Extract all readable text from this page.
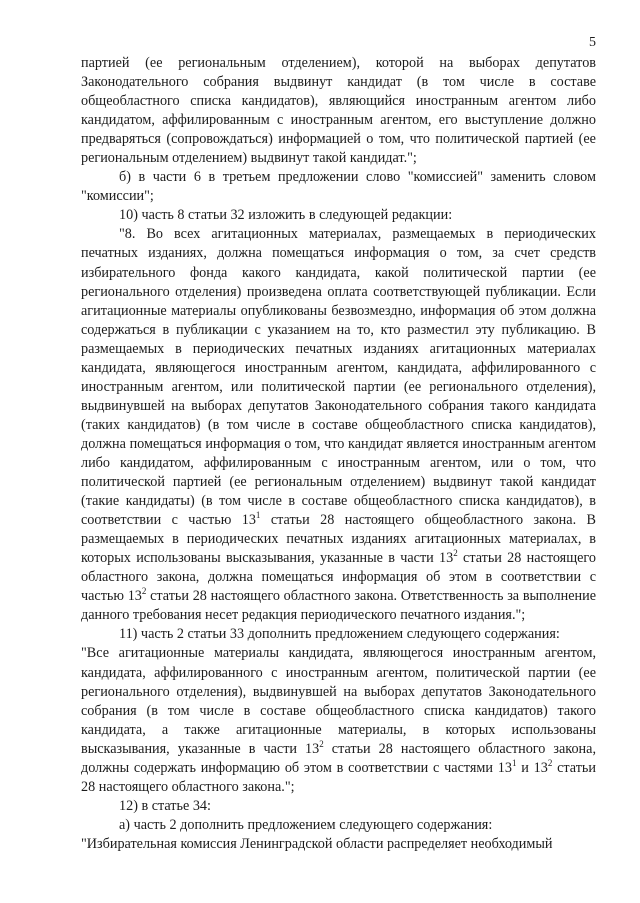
5

партией (ее региональным отделением), которой на выборах депутатов Законодательного собрания выдвинут кандидат (в том числе в составе общеобластного списка кандидатов), являющийся иностранным агентом либо кандидатом, аффилированным с иностранным агентом, его выступление должно предваряться (сопровождаться) информацией о том, что политической партией (ее региональным отделением) выдвинут такой кандидат.";

б) в части 6 в третьем предложении слово "комиссией" заменить словом "комиссии";

10) часть 8 статьи 32 изложить в следующей редакции:

"8. Во всех агитационных материалах, размещаемых в периодических печатных изданиях, должна помещаться информация о том, за счет средств избирательного фонда какого кандидата, какой политической партии (ее регионального отделения) произведена оплата соответствующей публикации. Если агитационные материалы опубликованы безвозмездно, информация об этом должна содержаться в публикации с указанием на то, кто разместил эту публикацию. В размещаемых в периодических печатных изданиях агитационных материалах кандидата, являющегося иностранным агентом, кандидата, аффилированного с иностранным агентом, или политической партии (ее регионального отделения), выдвинувшей на выборах депутатов Законодательного собрания такого кандидата (таких кандидатов) (в том числе в составе общеобластного списка кандидатов), должна помещаться информация о том, что кандидат является иностранным агентом либо кандидатом, аффилированным с иностранным агентом, или о том, что политической партией (ее региональным отделением) выдвинут такой кандидат (такие кандидаты) (в том числе в составе общеобластного списка кандидатов), в соответствии с частью $13^1$ статьи 28 настоящего общеобластного закона. В размещаемых в периодических печатных изданиях агитационных материалах, в которых использованы высказывания, указанные в части $13^2$ статьи 28 настоящего областного закона, должна помещаться информация об этом в соответствии с частью $13^2$ статьи 28 настоящего областного закона. Ответственность за выполнение данного требования несет редакция периодического печатного издания.";

11) часть 2 статьи 33 дополнить предложением следующего содержания:

"Все агитационные материалы кандидата, являющегося иностранным агентом, кандидата, аффилированного с иностранным агентом, политической партии (ее регионального отделения), выдвинувшей на выборах депутатов Законодательного собрания (в том числе в составе общеобластного списка кандидатов) такого кандидата, а также агитационные материалы, в которых использованы высказывания, указанные в части $13^2$ статьи 28 настоящего областного закона, должны содержать информацию об этом в соответствии с частями $13^1$ и $13^2$ статьи 28 настоящего областного закона.";

12) в статье 34:

а) часть 2 дополнить предложением следующего содержания:

"Избирательная комиссия Ленинградской области распределяет необходимый
